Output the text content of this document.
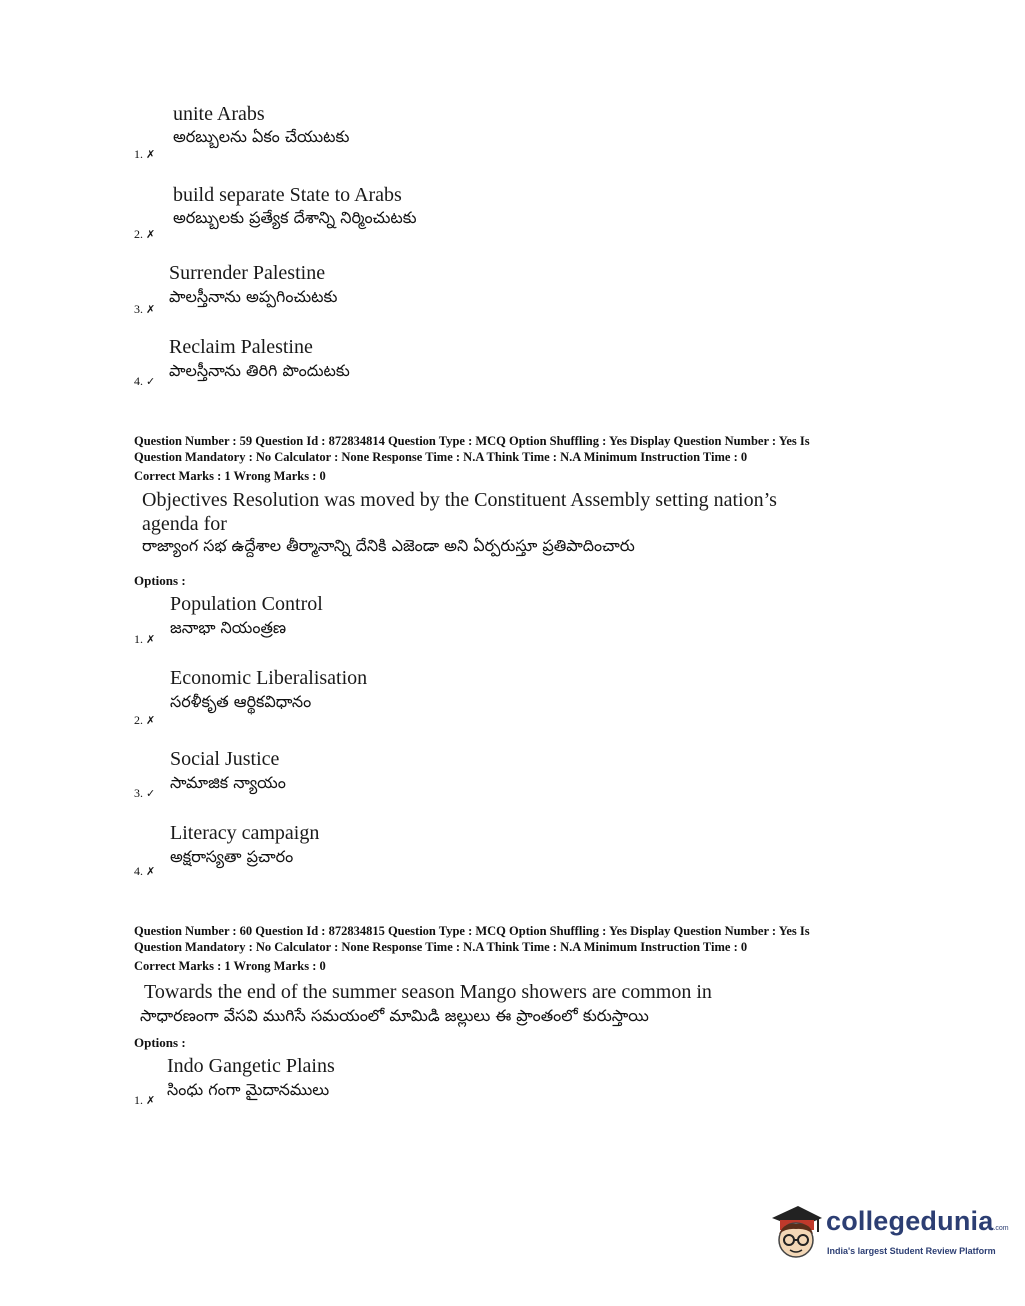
unite Arabs
అరబ్బులను ఏకం చేయుటకు
1. ✗
build separate State to Arabs
అరబ్బులకు ప్రత్యేక దేశాన్ని నిర్మించుటకు
2. ✗
Surrender Palestine
పాలస్తీనాను అప్పగించుటకు
3. ✗
Reclaim Palestine
పాలస్తీనాను తిరిగి పొందుటకు
4. ✓
Question Number : 59 Question Id : 872834814 Question Type : MCQ Option Shuffling : Yes Display Question Number : Yes Is
Question Mandatory : No Calculator : None Response Time : N.A Think Time : N.A Minimum Instruction Time : 0
Correct Marks : 1 Wrong Marks : 0
Objectives Resolution was moved by the Constituent Assembly setting nation’s
agenda for
రాజ్యాంగ సభ ఉద్దేశాల తీర్మానాన్ని దేనికి ఎజెండా అని ఏర్పరుస్తూ ప్రతిపాదించారు
Options :
Population Control
జనాభా నియంత్రణ
1. ✗
Economic Liberalisation
సరళీకృత ఆర్థికవిధానం
2. ✗
Social Justice
సామాజిక న్యాయం
3. ✓
Literacy campaign
అక్షరాస్యతా ప్రచారం
4. ✗
Question Number : 60 Question Id : 872834815 Question Type : MCQ Option Shuffling : Yes Display Question Number : Yes Is
Question Mandatory : No Calculator : None Response Time : N.A Think Time : N.A Minimum Instruction Time : 0
Correct Marks : 1 Wrong Marks : 0
Towards the end of the summer season Mango showers are common in
సాధారణంగా వేసవి ముగిసే సమయంలో మామిడి జల్లులు ఈ ప్రాంతంలో కురుస్తాయి
Options :
Indo Gangetic Plains
సింధు గంగా మైదానములు
1. ✗
collegedunia.com
India's largest Student Review Platform
